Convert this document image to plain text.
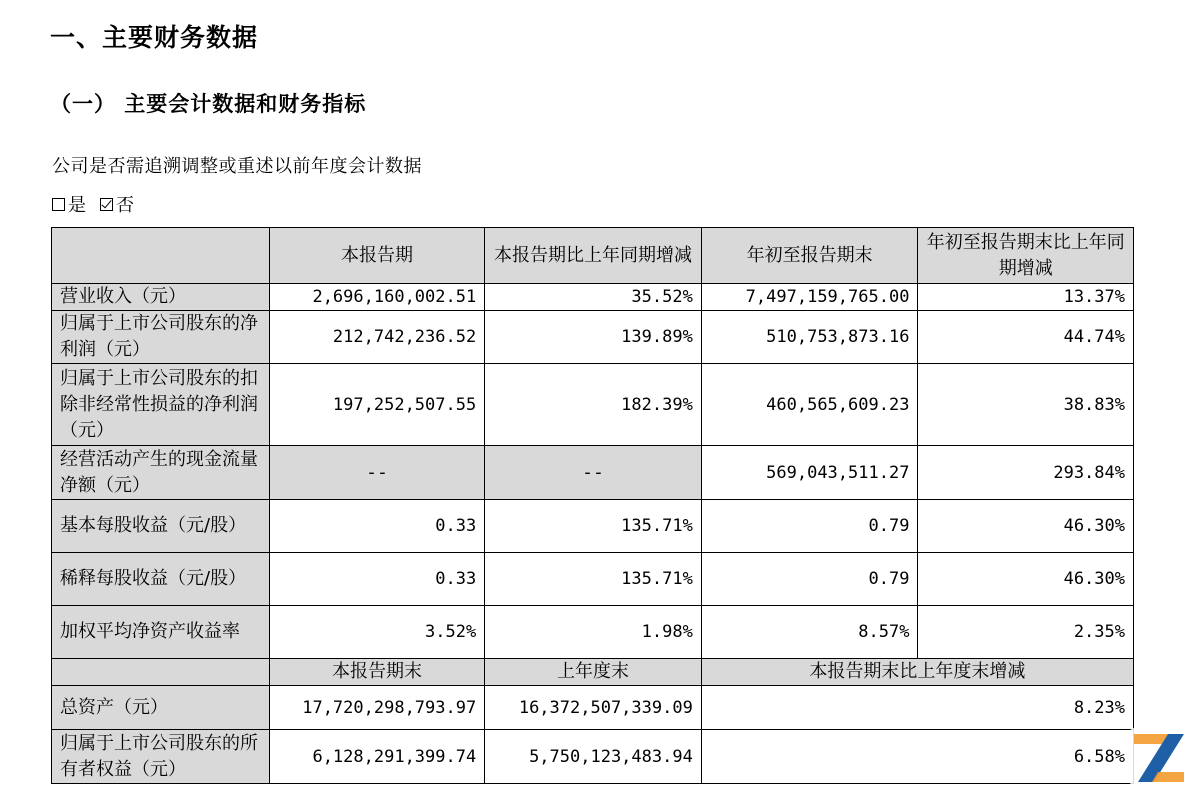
一、主要财务数据
（一） 主要会计数据和财务指标
公司是否需追溯调整或重述以前年度会计数据
是 否
	本报告期	本报告期比上年同期增减	年初至报告期末	年初至报告期末比上年同期增减
营业收入（元）	2,696,160,002.51	35.52%	7,497,159,765.00	13.37%
归属于上市公司股东的净利润（元）	212,742,236.52	139.89%	510,753,873.16	44.74%
归属于上市公司股东的扣除非经常性损益的净利润（元）	197,252,507.55	182.39%	460,565,609.23	38.83%
经营活动产生的现金流量净额（元）	--	--	569,043,511.27	293.84%
基本每股收益（元/股）	0.33	135.71%	0.79	46.30%
稀释每股收益（元/股）	0.33	135.71%	0.79	46.30%
加权平均净资产收益率	3.52%	1.98%	8.57%	2.35%
	本报告期末	上年度末	本报告期末比上年度末增减	
总资产（元）	17,720,298,793.97	16,372,507,339.09	8.23%	
归属于上市公司股东的所有者权益（元）	6,128,291,399.74	5,750,123,483.94	6.58%	
